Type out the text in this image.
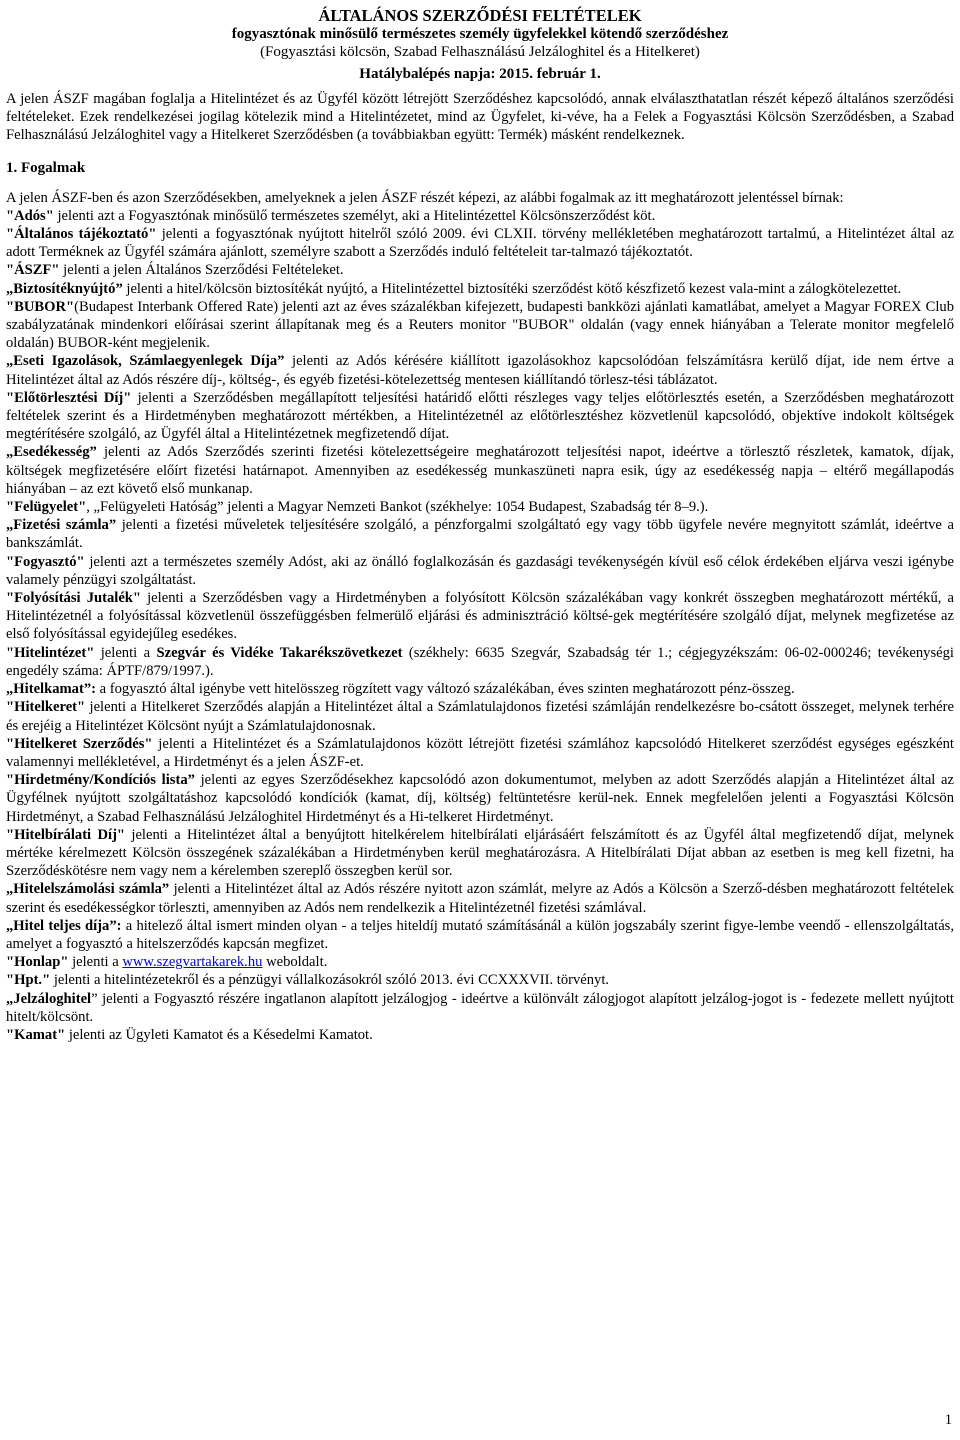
ÁLTALÁNOS SZERZŐDÉSI FELTÉTELEK
fogyasztónak minősülő természetes személy ügyfelekkel kötendő szerződéshez
(Fogyasztási kölcsön, Szabad Felhasználású Jelzáloghitel és a Hitelkeret)
Hatálybalépés napja: 2015. február 1.

A jelen ÁSZF magában foglalja a Hitelintézet és az Ügyfél között létrejött Szerződéshez kapcsolódó, annak elválaszthatatlan részét képező általános szerződési feltételeket. Ezek rendelkezései jogilag kötelezik mind a Hitelintézetet, mind az Ügyfelet, ki-véve, ha a Felek a Fogyasztási Kölcsön Szerződésben, a Szabad Felhasználású Jelzáloghitel vagy a Hitelkeret Szerződésben (a továbbiakban együtt: Termék) másként rendelkeznek.

1. Fogalmak

A jelen ÁSZF-ben és azon Szerződésekben, amelyeknek a jelen ÁSZF részét képezi, az alábbi fogalmak az itt meghatározott jelentéssel bírnak:

"Adós" jelenti azt a Fogyasztónak minősülő természetes személyt, aki a Hitelintézettel Kölcsönszerződést köt.

"Általános tájékoztató" jelenti a fogyasztónak nyújtott hitelről szóló 2009. évi CLXII. törvény mellékletében meghatározott tartalmú, a Hitelintézet által az adott Terméknek az Ügyfél számára ajánlott, személyre szabott a Szerződés induló feltételeit tar-talmazó tájékoztatót.

"ÁSZF" jelenti a jelen Általános Szerződési Feltételeket.

„Biztosítéknyújtó” jelenti a hitel/kölcsön biztosítékát nyújtó, a Hitelintézettel biztosítéki szerződést kötő készfizető kezest vala-mint a zálogkötelezettet.

"BUBOR"(Budapest Interbank Offered Rate) jelenti azt az éves százalékban kifejezett, budapesti bankközi ajánlati kamatlábat, amelyet a Magyar FOREX Club szabályzatának mindenkori előírásai szerint állapítanak meg és a Reuters monitor "BUBOR" oldalán (vagy ennek hiányában a Telerate monitor megfelelő oldalán) BUBOR-ként megjelenik.

„Eseti Igazolások, Számlaegyenlegek Díja” jelenti az Adós kérésére kiállított igazolásokhoz kapcsolódóan felszámításra kerülő díjat, ide nem értve a Hitelintézet által az Adós részére díj-, költség-, és egyéb fizetési-kötelezettség mentesen kiállítandó törlesz-tési táblázatot.

"Előtörlesztési Díj" jelenti a Szerződésben megállapított teljesítési határidő előtti részleges vagy teljes előtörlesztés esetén, a Szerződésben meghatározott feltételek szerint és a Hirdetményben meghatározott mértékben, a Hitelintézetnél az előtörlesztéshez közvetlenül kapcsolódó, objektíve indokolt költségek megtérítésére szolgáló, az Ügyfél által a Hitelintézetnek megfizetendő díjat.

„Esedékesség” jelenti az Adós Szerződés szerinti fizetési kötelezettségeire meghatározott teljesítési napot, ideértve a törlesztő részletek, kamatok, díjak, költségek megfizetésére előírt fizetési határnapot. Amennyiben az esedékesség munkaszüneti napra esik, úgy az esedékesség napja – eltérő megállapodás hiányában – az ezt követő első munkanap.

"Felügyelet", „Felügyeleti Hatóság” jelenti a Magyar Nemzeti Bankot (székhelye: 1054 Budapest, Szabadság tér 8–9.).

„Fizetési számla” jelenti a fizetési műveletek teljesítésére szolgáló, a pénzforgalmi szolgáltató egy vagy több ügyfele nevére megnyitott számlát, ideértve a bankszámlát.

"Fogyasztó" jelenti azt a természetes személy Adóst, aki az önálló foglalkozásán és gazdasági tevékenységén kívül eső célok érdekében eljárva veszi igénybe valamely pénzügyi szolgáltatást.

"Folyósítási Jutalék" jelenti a Szerződésben vagy a Hirdetményben a folyósított Kölcsön százalékában vagy konkrét összegben meghatározott mértékű, a Hitelintézetnél a folyósítással közvetlenül összefüggésben felmerülő eljárási és adminisztráció költsé-gek megtérítésére szolgáló díjat, melynek megfizetése az első folyósítással egyidejűleg esedékes.

"Hitelintézet" jelenti a Szegvár és Vidéke Takarékszövetkezet (székhely: 6635 Szegvár, Szabadság tér 1.; cégjegyzékszám: 06-02-000246; tevékenységi engedély száma: ÁPTF/879/1997.).

„Hitelkamat”: a fogyasztó által igénybe vett hitelösszeg rögzített vagy változó százalékában, éves szinten meghatározott pénz-összeg.

"Hitelkeret" jelenti a Hitelkeret Szerződés alapján a Hitelintézet által a Számlatulajdonos fizetési számláján rendelkezésre bo-csátott összeget, melynek terhére és erejéig a Hitelintézet Kölcsönt nyújt a Számlatulajdonosnak.

"Hitelkeret Szerződés" jelenti a Hitelintézet és a Számlatulajdonos között létrejött fizetési számlához kapcsolódó Hitelkeret szerződést egységes egészként valamennyi mellékletével, a Hirdetményt és a jelen ÁSZF-et.

"Hirdetmény/Kondíciós lista” jelenti az egyes Szerződésekhez kapcsolódó azon dokumentumot, melyben az adott Szerződés alapján a Hitelintézet által az Ügyfélnek nyújtott szolgáltatáshoz kapcsolódó kondíciók (kamat, díj, költség) feltüntetésre kerül-nek. Ennek megfelelően jelenti a Fogyasztási Kölcsön Hirdetményt, a Szabad Felhasználású Jelzáloghitel Hirdetményt és a Hi-telkeret Hirdetményt.

"Hitelbírálati Díj" jelenti a Hitelintézet által a benyújtott hitelkérelem hitelbírálati eljárásáért felszámított és az Ügyfél által megfizetendő díjat, melynek mértéke kérelmezett Kölcsön összegének százalékában a Hirdetményben kerül meghatározásra. A Hitelbírálati Díjat abban az esetben is meg kell fizetni, ha Szerződéskötésre nem vagy nem a kérelemben szereplő összegben kerül sor.

„Hitelelszámolási számla” jelenti a Hitelintézet által az Adós részére nyitott azon számlát, melyre az Adós a Kölcsön a Szerző-désben meghatározott feltételek szerint és esedékességkor törleszti, amennyiben az Adós nem rendelkezik a Hitelintézetnél fizetési számlával.

„Hitel teljes díja”: a hitelező által ismert minden olyan - a teljes hiteldíj mutató számításánál a külön jogszabály szerint figye-lembe veendő - ellenszolgáltatás, amelyet a fogyasztó a hitelszerződés kapcsán megfizet.

"Honlap" jelenti a www.szegvartakarek.hu weboldalt.

"Hpt." jelenti a hitelintézetekről és a pénzügyi vállalkozásokról szóló 2013. évi CCXXXVII. törvényt.

„Jelzáloghitel” jelenti a Fogyasztó részére ingatlanon alapított jelzálogjog - ideértve a különvált zálogjogot alapított jelzálog-jogot is - fedezete mellett nyújtott hitelt/kölcsönt.

"Kamat" jelenti az Ügyleti Kamatot és a Késedelmi Kamatot.

1
